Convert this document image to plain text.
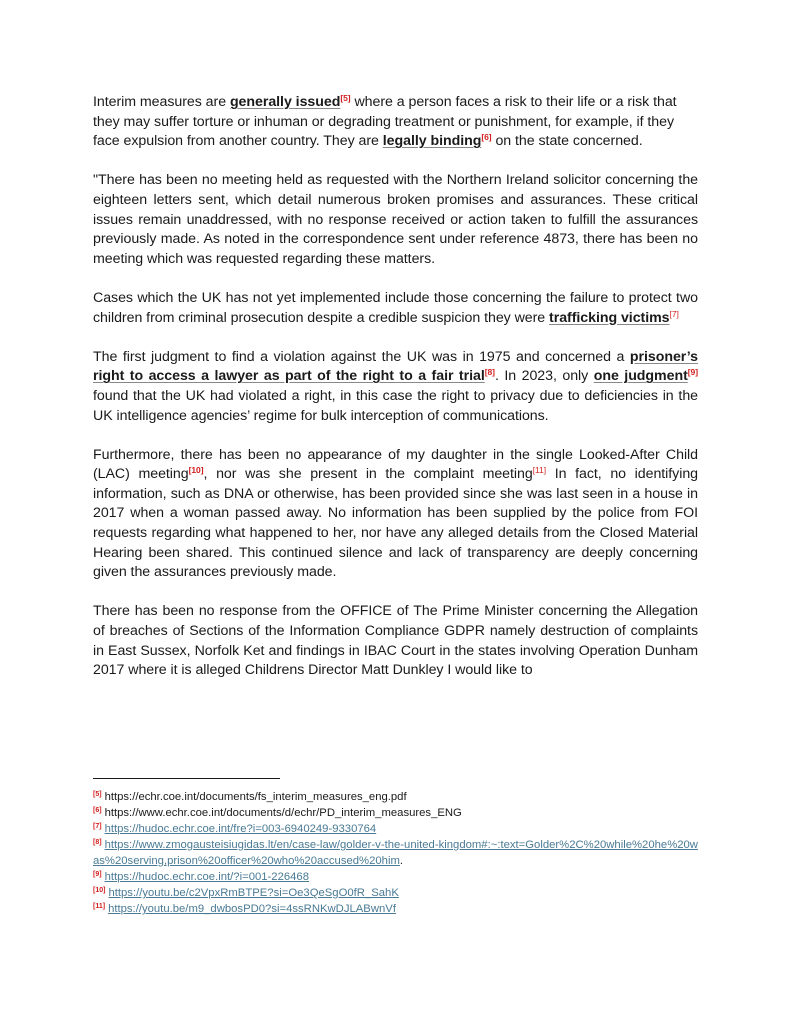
Interim measures are generally issued[5] where a person faces a risk to their life or a risk that they may suffer torture or inhuman or degrading treatment or punishment, for example, if they face expulsion from another country. They are legally binding[6] on the state concerned.

"There has been no meeting held as requested with the Northern Ireland solicitor concerning the eighteen letters sent, which detail numerous broken promises and assurances. These critical issues remain unaddressed, with no response received or action taken to fulfill the assurances previously made. As noted in the correspondence sent under reference 4873, there has been no meeting which was requested regarding these matters.

Cases which the UK has not yet implemented include those concerning the failure to protect two children from criminal prosecution despite a credible suspicion they were trafficking victims[7]

The first judgment to find a violation against the UK was in 1975 and concerned a prisoner’s right to access a lawyer as part of the right to a fair trial[8]. In 2023, only one judgment[9] found that the UK had violated a right, in this case the right to privacy due to deficiencies in the UK intelligence agencies’ regime for bulk interception of communications.

Furthermore, there has been no appearance of my daughter in the single Looked-After Child (LAC) meeting[10], nor was she present in the complaint meeting[11] In fact, no identifying information, such as DNA or otherwise, has been provided since she was last seen in a house in 2017 when a woman passed away. No information has been supplied by the police from FOI requests regarding what happened to her, nor have any alleged details from the Closed Material Hearing been shared. This continued silence and lack of transparency are deeply concerning given the assurances previously made.

There has been no response from the OFFICE of The Prime Minister concerning the Allegation of breaches of Sections of the Information Compliance GDPR namely destruction of complaints in East Sussex, Norfolk Ket and findings in IBAC Court in the states involving Operation Dunham 2017 where it is alleged Childrens Director Matt Dunkley I would like to

[5] https://echr.coe.int/documents/fs_interim_measures_eng.pdf

[6] https://www.echr.coe.int/documents/d/echr/PD_interim_measures_ENG

[7] https://hudoc.echr.coe.int/fre?i=003-6940249-9330764

[8] https://www.zmogausteisiugidas.lt/en/case-law/golder-v-the-united-kingdom#:~:text=Golder%2C%20while%20he%20was%20serving,prison%20officer%20who%20accused%20him.

[9] https://hudoc.echr.coe.int/?i=001-226468

[10] https://youtu.be/c2VpxRmBTPE?si=Oe3QeSgO0fR_SahK

[11] https://youtu.be/m9_dwbosPD0?si=4ssRNKwDJLABwnVf
